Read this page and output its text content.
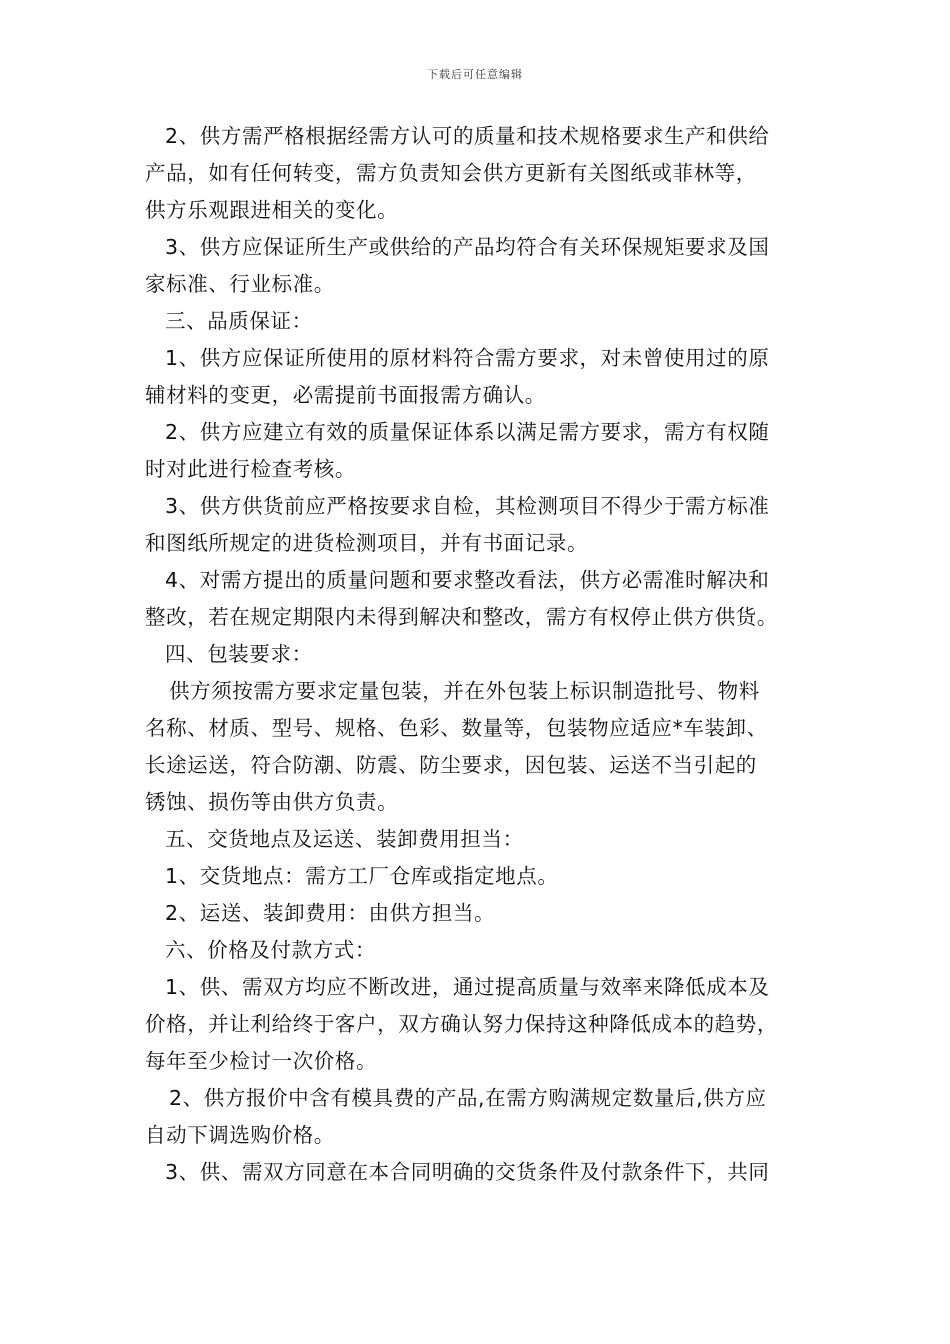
下载后可任意编辑
2、供方需严格根据经需方认可的质量和技术规格要求生产和供给
产品，如有任何转变，需方负责知会供方更新有关图纸或菲林等，
供方乐观跟进相关的变化。
3、供方应保证所生产或供给的产品均符合有关环保规矩要求及国
家标准、行业标准。
三、品质保证：
1、供方应保证所使用的原材料符合需方要求，对未曾使用过的原
辅材料的变更，必需提前书面报需方确认。
2、供方应建立有效的质量保证体系以满足需方要求，需方有权随
时对此进行检查考核。
3、供方供货前应严格按要求自检，其检测项目不得少于需方标准
和图纸所规定的进货检测项目，并有书面记录。
4、对需方提出的质量问题和要求整改看法，供方必需准时解决和
整改，若在规定期限内未得到解决和整改，需方有权停止供方供货。
四、包装要求：
供方须按需方要求定量包装，并在外包装上标识制造批号、物料
名称、材质、型号、规格、色彩、数量等，包装物应适应*车装卸、
长途运送，符合防潮、防震、防尘要求，因包装、运送不当引起的
锈蚀、损伤等由供方负责。
五、交货地点及运送、装卸费用担当：
1、交货地点：需方工厂仓库或指定地点。
2、运送、装卸费用：由供方担当。
六、价格及付款方式：
1、供、需双方均应不断改进，通过提高质量与效率来降低成本及
价格，并让利给终于客户，双方确认努力保持这种降低成本的趋势，
每年至少检讨一次价格。
2、供方报价中含有模具费的产品,在需方购满规定数量后,供方应
自动下调选购价格。
3、供、需双方同意在本合同明确的交货条件及付款条件下，共同
